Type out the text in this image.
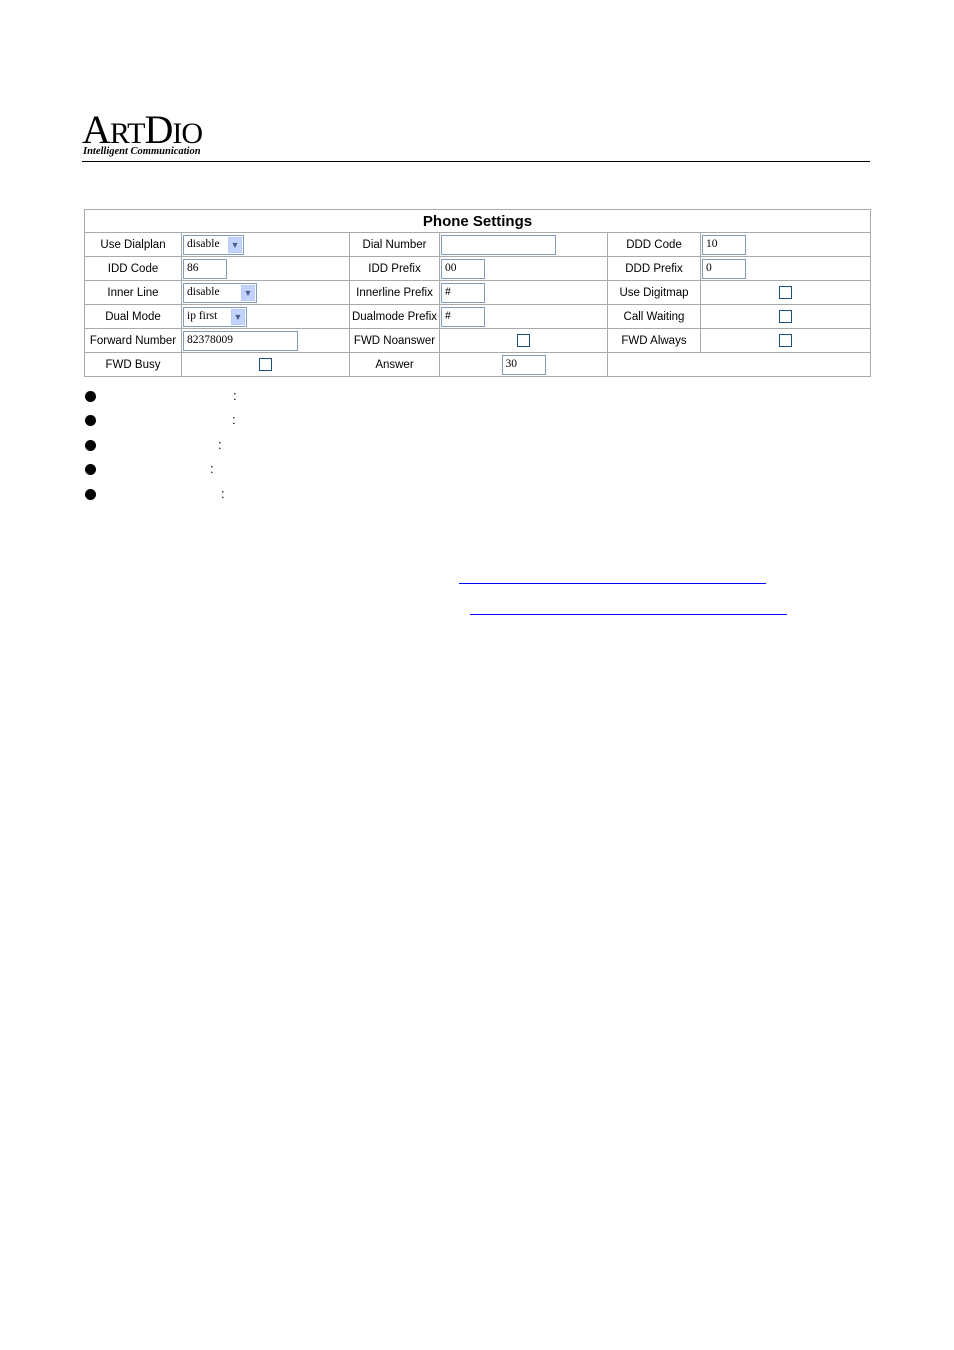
ARTDIO
Intelligent Communication
Phone Settings					
Use Dialplan	disable ▼	Dial Number		DDD Code	10
IDD Code	86	IDD Prefix	00	DDD Prefix	0
Inner Line	disable ▼	Innerline Prefix	#	Use Digitmap	
Dual Mode	ip first ▼	Dualmode Prefix	#	Call Waiting	
Forward Number	82378009	FWD Noanswer		FWD Always	
FWD Busy		Answer	30		
:
:
:
:
:
